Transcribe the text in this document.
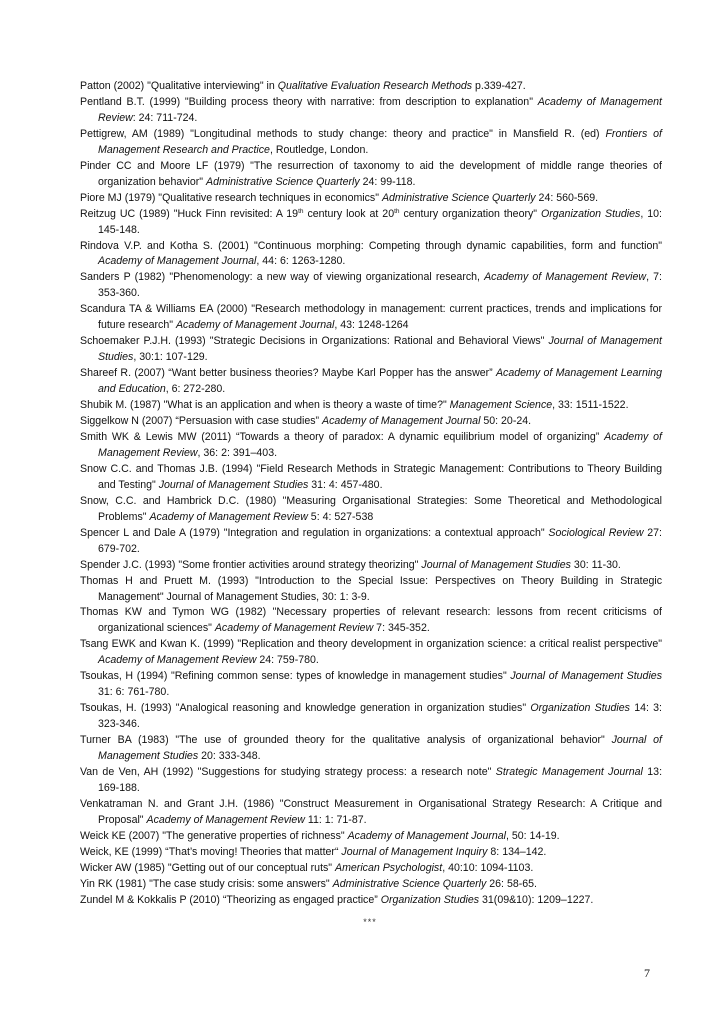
Patton (2002) "Qualitative interviewing" in Qualitative Evaluation Research Methods p.339-427.

Pentland B.T. (1999) "Building process theory with narrative: from description to explanation" Academy of Management Review: 24: 711-724.

Pettigrew, AM (1989) "Longitudinal methods to study change: theory and practice" in Mansfield R. (ed) Frontiers of Management Research and Practice, Routledge, London.

Pinder CC and Moore LF (1979) "The resurrection of taxonomy to aid the development of middle range theories of organization behavior" Administrative Science Quarterly 24: 99-118.

Piore MJ (1979) "Qualitative research techniques in economics" Administrative Science Quarterly 24: 560-569.

Reitzug UC (1989) "Huck Finn revisited: A 19th century look at 20th century organization theory" Organization Studies, 10: 145-148.

Rindova V.P. and Kotha S. (2001) "Continuous morphing: Competing through dynamic capabilities, form and function" Academy of Management Journal, 44: 6: 1263-1280.

Sanders P (1982) "Phenomenology: a new way of viewing organizational research, Academy of Management Review, 7: 353-360.

Scandura TA & Williams EA (2000) "Research methodology in management: current practices, trends and implications for future research" Academy of Management Journal, 43: 1248-1264

Schoemaker P.J.H. (1993) "Strategic Decisions in Organizations: Rational and Behavioral Views" Journal of Management Studies, 30:1: 107-129.

Shareef R. (2007) “Want better business theories? Maybe Karl Popper has the answer” Academy of Management Learning and Education, 6: 272-280.

Shubik M. (1987) "What is an application and when is theory a waste of time?" Management Science, 33: 1511-1522.

Siggelkow N (2007) “Persuasion with case studies” Academy of Management Journal 50: 20-24.

Smith WK & Lewis MW (2011) “Towards a theory of paradox: A dynamic equilibrium model of organizing” Academy of Management Review, 36: 2: 391–403.

Snow C.C. and Thomas J.B. (1994) "Field Research Methods in Strategic Management: Contributions to Theory Building and Testing" Journal of Management Studies 31: 4: 457-480.

Snow, C.C. and Hambrick D.C. (1980) "Measuring Organisational Strategies: Some Theoretical and Methodological Problems" Academy of Management Review 5: 4: 527-538

Spencer L and Dale A (1979) "Integration and regulation in organizations: a contextual approach" Sociological Review 27: 679-702.

Spender J.C. (1993) "Some frontier activities around strategy theorizing" Journal of Management Studies 30: 11-30.

Thomas H and Pruett M. (1993) "Introduction to the Special Issue: Perspectives on Theory Building in Strategic Management" Journal of Management Studies, 30: 1: 3-9.

Thomas KW and Tymon WG (1982) "Necessary properties of relevant research: lessons from recent criticisms of organizational sciences" Academy of Management Review 7: 345-352.

Tsang EWK and Kwan K. (1999) "Replication and theory development in organization science: a critical realist perspective" Academy of Management Review 24: 759-780.

Tsoukas, H (1994) "Refining common sense: types of knowledge in management studies" Journal of Management Studies 31: 6: 761-780.

Tsoukas, H. (1993) "Analogical reasoning and knowledge generation in organization studies" Organization Studies 14: 3: 323-346.

Turner BA (1983) "The use of grounded theory for the qualitative analysis of organizational behavior" Journal of Management Studies 20: 333-348.

Van de Ven, AH (1992) "Suggestions for studying strategy process: a research note" Strategic Management Journal 13: 169-188.

Venkatraman N. and Grant J.H. (1986) "Construct Measurement in Organisational Strategy Research: A Critique and Proposal" Academy of Management Review 11: 1: 71-87.

Weick KE (2007) "The generative properties of richness" Academy of Management Journal, 50: 14-19.

Weick, KE (1999) “That’s moving! Theories that matter“ Journal of Management Inquiry 8: 134–142.

Wicker AW (1985) "Getting out of our conceptual ruts" American Psychologist, 40:10: 1094-1103.

Yin RK (1981) "The case study crisis: some answers" Administrative Science Quarterly 26: 58-65.

Zundel M & Kokkalis P (2010) “Theorizing as engaged practice” Organization Studies 31(09&10): 1209–1227.

***
7
